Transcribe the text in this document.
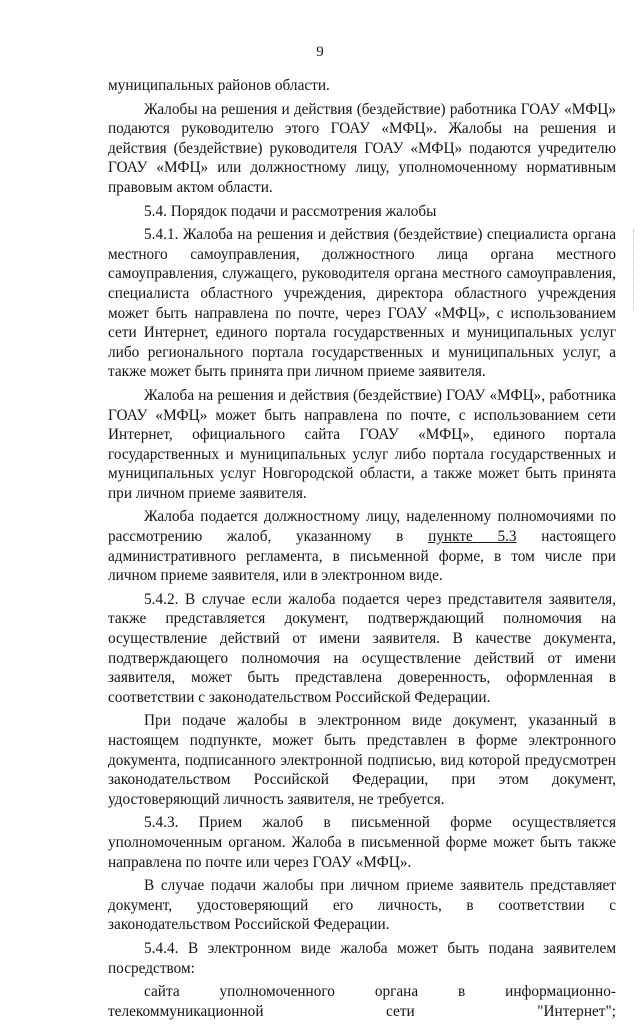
9

муниципальных районов области.

Жалобы на решения и действия (бездействие) работника ГОАУ «МФЦ» подаются руководителю этого ГОАУ «МФЦ». Жалобы на решения и действия (бездействие) руководителя ГОАУ «МФЦ» подаются учредителю ГОАУ «МФЦ» или должностному лицу, уполномоченному нормативным правовым актом области.

5.4. Порядок подачи и рассмотрения жалобы

5.4.1. Жалоба на решения и действия (бездействие) специалиста органа местного самоуправления, должностного лица органа местного самоуправления, служащего, руководителя органа местного самоуправления, специалиста областного учреждения, директора областного учреждения может быть направлена по почте, через ГОАУ «МФЦ», с использованием сети Интернет, единого портала государственных и муниципальных услуг либо регионального портала государственных и муниципальных услуг, а также может быть принята при личном приеме заявителя.

Жалоба на решения и действия (бездействие) ГОАУ «МФЦ», работника ГОАУ «МФЦ» может быть направлена по почте, с использованием сети Интернет, официального сайта ГОАУ «МФЦ», единого портала государственных и муниципальных услуг либо портала государственных и муниципальных услуг Новгородской области, а также может быть принята при личном приеме заявителя.

Жалоба подается должностному лицу, наделенному полномочиями по рассмотрению жалоб, указанному в пункте 5.3 настоящего административного регламента, в письменной форме, в том числе при личном приеме заявителя, или в электронном виде.

5.4.2. В случае если жалоба подается через представителя заявителя, также представляется документ, подтверждающий полномочия на осуществление действий от имени заявителя. В качестве документа, подтверждающего полномочия на осуществление действий от имени заявителя, может быть представлена доверенность, оформленная в соответствии с законодательством Российской Федерации.

При подаче жалобы в электронном виде документ, указанный в настоящем подпункте, может быть представлен в форме электронного документа, подписанного электронной подписью, вид которой предусмотрен законодательством Российской Федерации, при этом документ, удостоверяющий личность заявителя, не требуется.

5.4.3. Прием жалоб в письменной форме осуществляется уполномоченным органом. Жалоба в письменной форме может быть также направлена по почте или через ГОАУ «МФЦ».

В случае подачи жалобы при личном приеме заявитель представляет документ, удостоверяющий его личность, в соответствии с законодательством Российской Федерации.

5.4.4. В электронном виде жалоба может быть подана заявителем посредством:

сайта уполномоченного органа в информационно-телекоммуникационной сети "Интернет";
